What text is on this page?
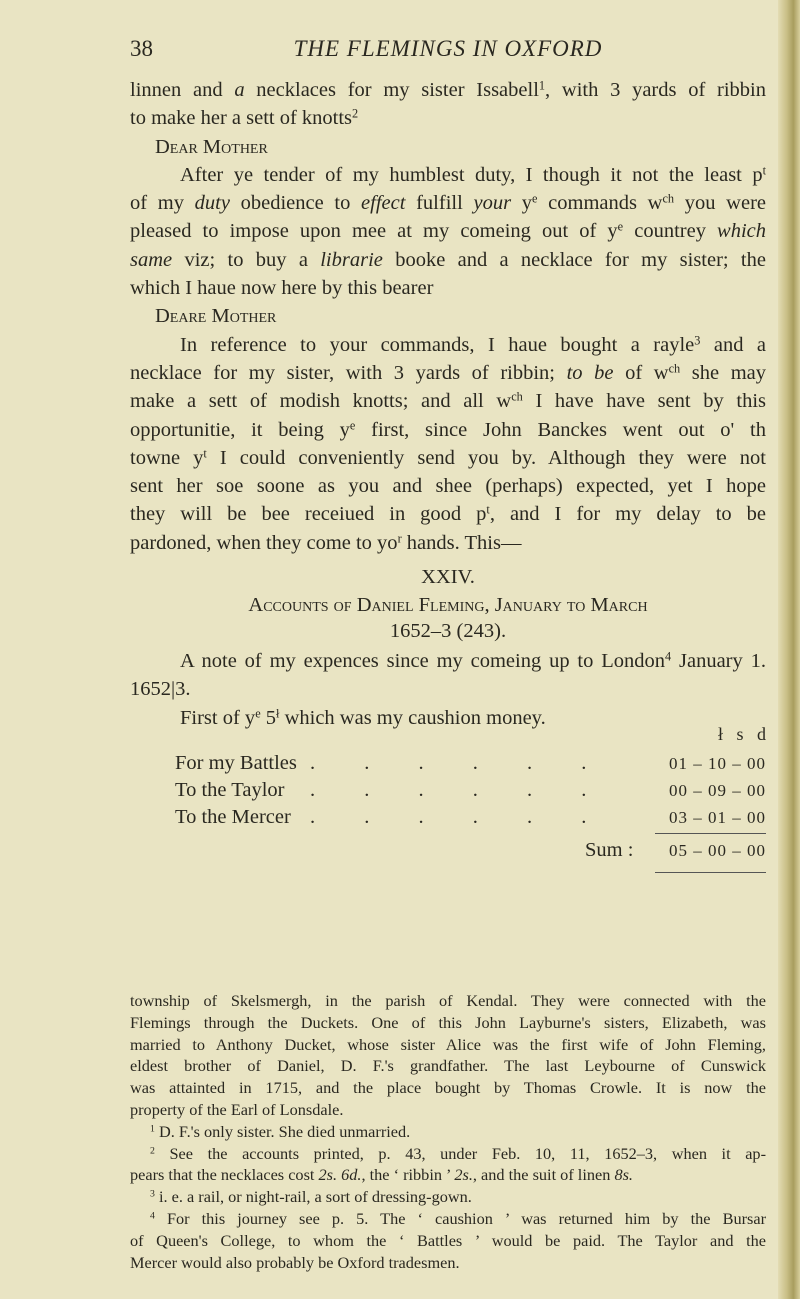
38	THE FLEMINGS IN OXFORD
linnen and a necklaces for my sister Issabell$^1$, with 3 yards of ribbin
to make her a sett of knotts$^2$
Dear Mother
After ye tender of my humblest duty, I though it not the least $p^t$
of my duty obedience to effect fulfill your $y^e$ commands $w^{ch}$ you were
pleased to impose upon mee at my comeing out of $y^e$ countrey which
same viz; to buy a librarie booke and a necklace for my sister; the
which I haue now here by this bearer
Deare Mother
In reference to your commands, I haue bought a rayle$^3$ and a
necklace for my sister, with 3 yards of ribbin; to be of $w^{ch}$ she may
make a sett of modish knotts; and all $w^{ch}$ I have have sent by this
opportunitie, it being $y^e$ first, since John Banckes went out o' th
towne $y^t$ I could conveniently send you by. Although they were not
sent her soe soone as you and shee (perhaps) expected, yet I hope
they will be bee receiued in good $p^t$, and I for my delay to be
pardoned, when they come to $yo^r$ hands. This—
XXIV.
Accounts of Daniel Fleming, January to March
1652–3 (243).
A note of my expences since my comeing up to London$^4$ January 1.
1652|3.
First of $y^e$ $5^ł$ which was my caushion money.
ł   s   d
For my Battles . . . . . .	01 – 10 – 00
To the Taylor . . . . . .	00 – 09 – 00
To the Mercer . . . . . .	03 – 01 – 00
Sum :	05 – 00 – 00
township of Skelsmergh, in the parish of Kendal. They were connected with the
Flemings through the Duckets. One of this John Layburne's sisters, Elizabeth, was
married to Anthony Ducket, whose sister Alice was the first wife of John Fleming,
eldest brother of Daniel, D. F.'s grandfather. The last Leybourne of Cunswick
was attainted in 1715, and the place bought by Thomas Crowle. It is now the
property of the Earl of Lonsdale.
$^1$ D. F.'s only sister. She died unmarried.
$^2$ See the accounts printed, p. 43, under Feb. 10, 11, 1652–3, when it ap-
pears that the necklaces cost 2s. 6d., the ‘ ribbin ’ 2s., and the suit of linen 8s.
$^3$ i. e. a rail, or night-rail, a sort of dressing-gown.
$^4$ For this journey see p. 5. The ‘ caushion ’ was returned him by the Bursar
of Queen's College, to whom the ‘ Battles ’ would be paid. The Taylor and the
Mercer would also probably be Oxford tradesmen.
